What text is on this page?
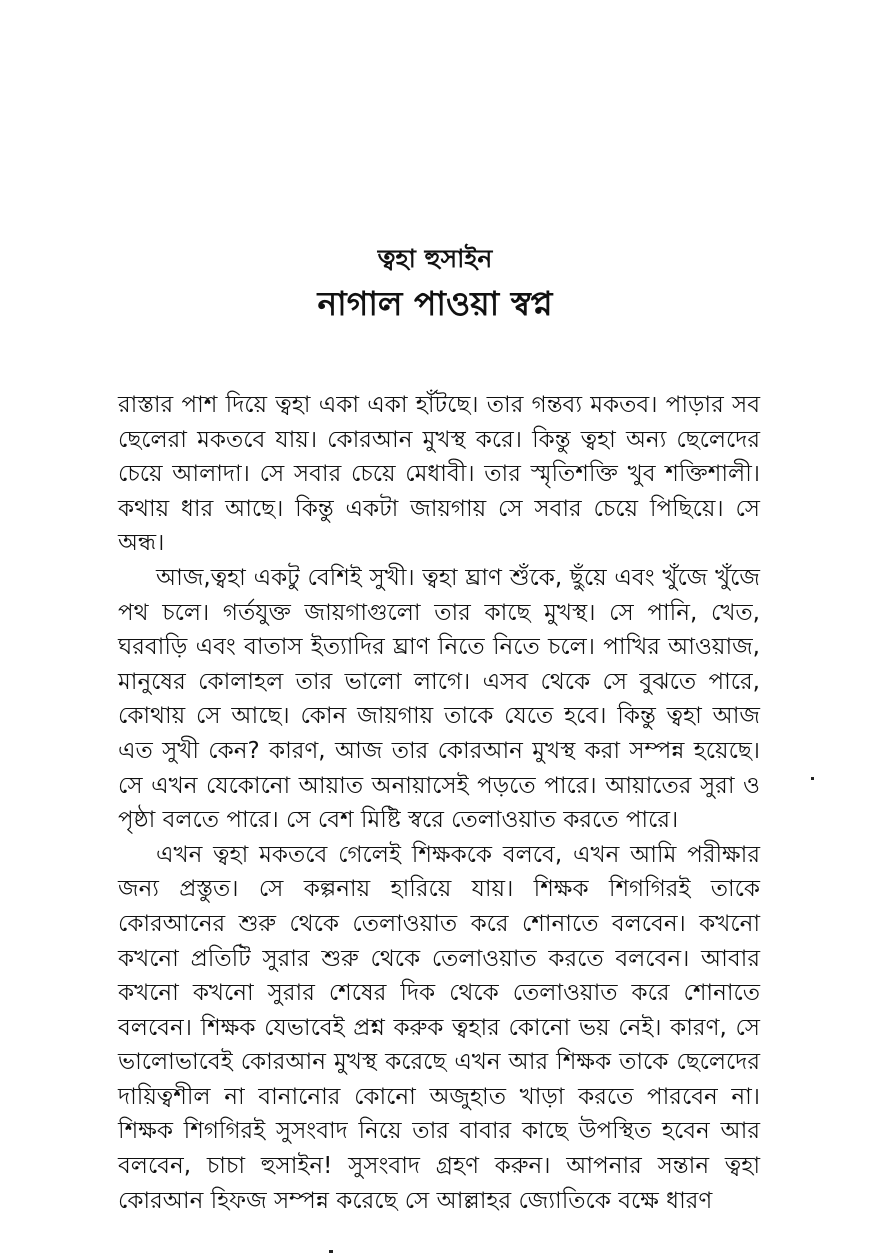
ত্বহা হুসাইন
নাগাল পাওয়া স্বপ্ন

রাস্তার পাশ দিয়ে ত্বহা একা একা হাঁটছে। তার গন্তব্য মকতব। পাড়ার সব ছেলেরা মকতবে যায়। কোরআন মুখস্থ করে। কিন্তু ত্বহা অন্য ছেলেদের চেয়ে আলাদা। সে সবার চেয়ে মেধাবী। তার স্মৃতিশক্তি খুব শক্তিশালী। কথায় ধার আছে। কিন্তু একটা জায়গায় সে সবার চেয়ে পিছিয়ে। সে অন্ধ।

আজ,ত্বহা একটু বেশিই সুখী। ত্বহা ঘ্রাণ শুঁকে, ছুঁয়ে এবং খুঁজে খুঁজে পথ চলে। গর্তযুক্ত জায়গাগুলো তার কাছে মুখস্থ। সে পানি, খেত, ঘরবাড়ি এবং বাতাস ইত্যাদির ঘ্রাণ নিতে নিতে চলে। পাখির আওয়াজ, মানুষের কোলাহল তার ভালো লাগে। এসব থেকে সে বুঝতে পারে, কোথায় সে আছে। কোন জায়গায় তাকে যেতে হবে। কিন্তু ত্বহা আজ এত সুখী কেন? কারণ, আজ তার কোরআন মুখস্থ করা সম্পন্ন হয়েছে। সে এখন যেকোনো আয়াত অনায়াসেই পড়তে পারে। আয়াতের সুরা ও পৃষ্ঠা বলতে পারে। সে বেশ মিষ্টি স্বরে তেলাওয়াত করতে পারে।

এখন ত্বহা মকতবে গেলেই শিক্ষককে বলবে, এখন আমি পরীক্ষার জন্য প্রস্তুত। সে কল্পনায় হারিয়ে যায়। শিক্ষক শিগগিরই তাকে কোরআনের শুরু থেকে তেলাওয়াত করে শোনাতে বলবেন। কখনো কখনো প্রতিটি সুরার শুরু থেকে তেলাওয়াত করতে বলবেন। আবার কখনো কখনো সুরার শেষের দিক থেকে তেলাওয়াত করে শোনাতে বলবেন। শিক্ষক যেভাবেই প্রশ্ন করুক ত্বহার কোনো ভয় নেই। কারণ, সে ভালোভাবেই কোরআন মুখস্থ করেছে এখন আর শিক্ষক তাকে ছেলেদের দায়িত্বশীল না বানানোর কোনো অজুহাত খাড়া করতে পারবেন না। শিক্ষক শিগগিরই সুসংবাদ নিয়ে তার বাবার কাছে উপস্থিত হবেন আর বলবেন, চাচা হুসাইন! সুসংবাদ গ্রহণ করুন। আপনার সন্তান ত্বহা কোরআন হিফজ সম্পন্ন করেছে সে আল্লাহর জ্যোতিকে বক্ষে ধারণ
